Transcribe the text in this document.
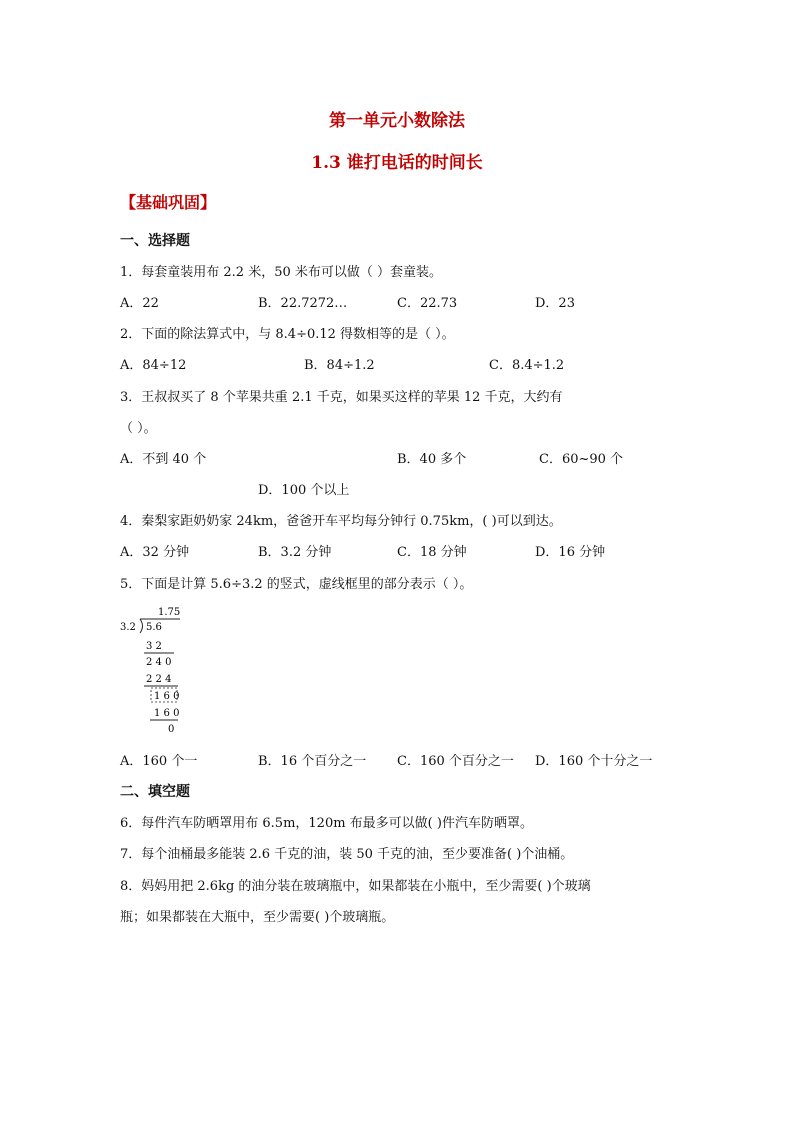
第一单元小数除法
1.3 谁打电话的时间长
【基础巩固】
一、选择题
1．每套童装用布 2.2 米，50 米布可以做（ ）套童装。
A．22	B．22.7272…	C．22.73	D．23
2．下面的除法算式中，与 8.4÷0.12 得数相等的是（ ）。
A．84÷12	B．84÷1.2	C．8.4÷1.2
3．王叔叔买了 8 个苹果共重 2.1 千克，如果买这样的苹果 12 千克，大约有
（ ）。
A．不到 40 个	B．40 多个	C．60~90 个
D．100 个以上
4．秦梨家距奶奶家 24km，爸爸开车平均每分钟行 0.75km，( )可以到达。
A．32 分钟	B．3.2 分钟	C．18 分钟	D．16 分钟
5．下面是计算 5.6÷3.2 的竖式，虚线框里的部分表示（ ）。
1.75
3.2 5.6
3 2
2 4 0
2 2 4
1 6 0
1 6 0
0
A．160 个一	B．16 个百分之一 C．160 个百分之一 D．160 个十分之一
二、填空题
6．每件汽车防晒罩用布 6.5m，120m 布最多可以做( )件汽车防晒罩。
7．每个油桶最多能装 2.6 千克的油，装 50 千克的油，至少要准备( )个油桶。
8．妈妈用把 2.6kg 的油分装在玻璃瓶中，如果都装在小瓶中，至少需要( )个玻璃
瓶；如果都装在大瓶中，至少需要( )个玻璃瓶。
